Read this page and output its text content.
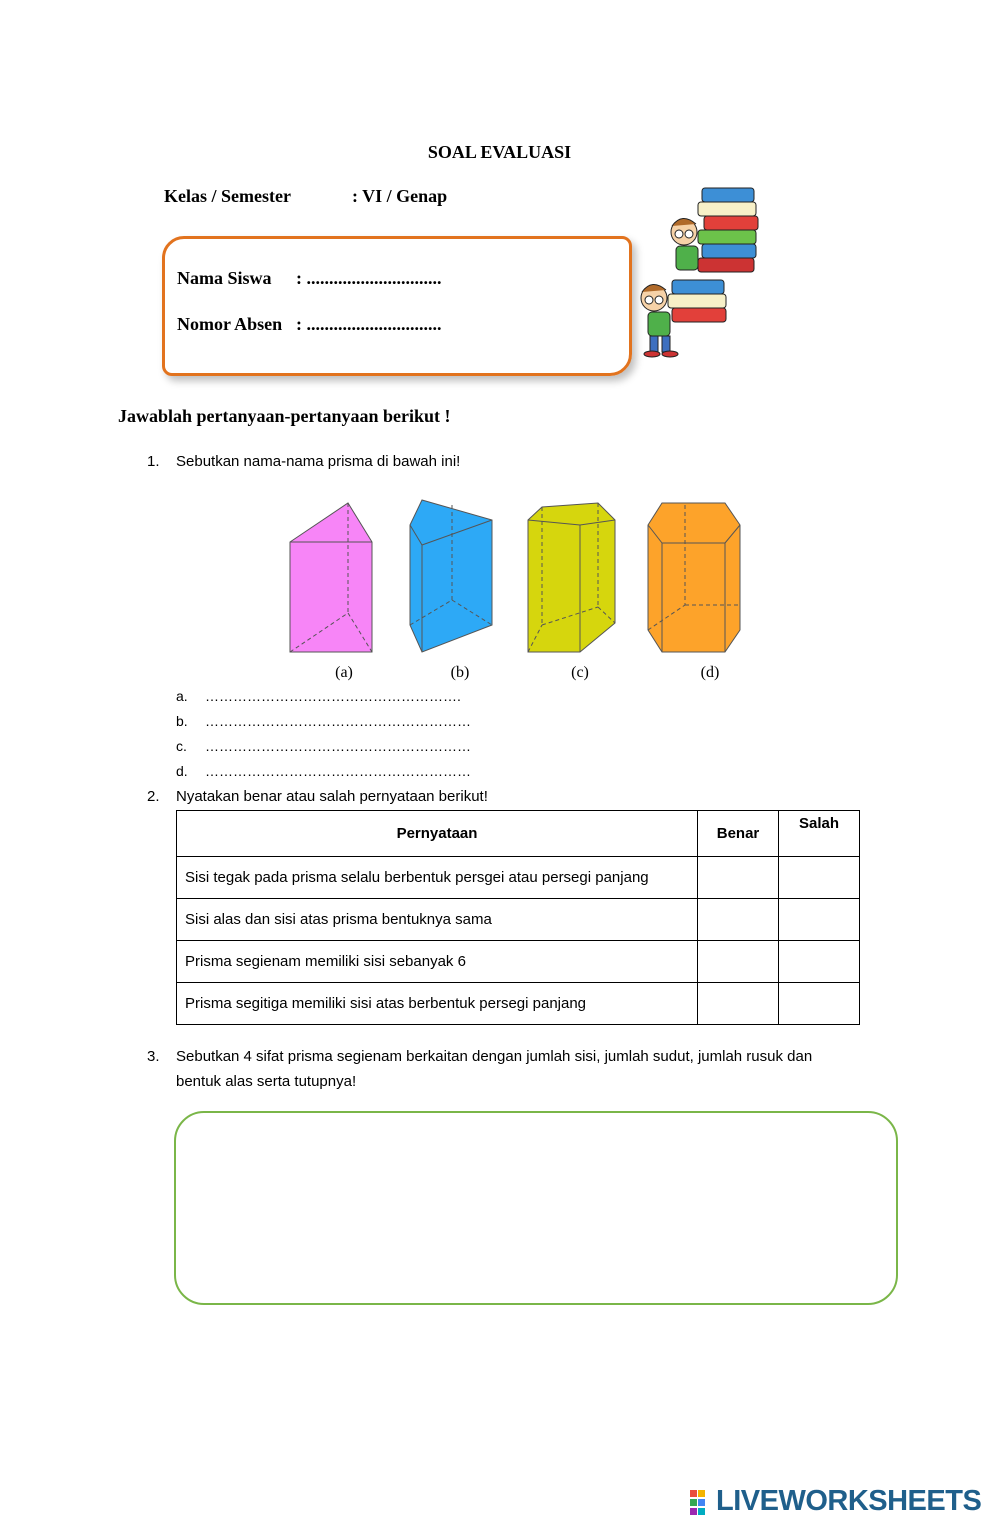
SOAL EVALUASI
Kelas / Semester	: VI / Genap
Nama Siswa : ..............................
Nomor Absen : ..............................
Jawablah pertanyaan-pertanyaan berikut !
1. Sebutkan nama-nama prisma di bawah ini!
(a)	(b)	(c)	(d)
a. ……………………………………………….
b. …………………………………………………
c. …………………………………………………
d. …………………………………………………
2. Nyatakan benar atau salah pernyataan berikut!
Pernyataan	Benar	Salah
Sisi tegak pada prisma selalu berbentuk persgei atau persegi panjang		
Sisi alas dan sisi atas prisma bentuknya sama		
Prisma segienam memiliki sisi sebanyak 6		
Prisma segitiga memiliki sisi atas berbentuk persegi panjang		
3. Sebutkan 4 sifat prisma segienam berkaitan dengan jumlah sisi, jumlah sudut, jumlah rusuk dan
bentuk alas serta tutupnya!
LIVEWORKSHEETS
